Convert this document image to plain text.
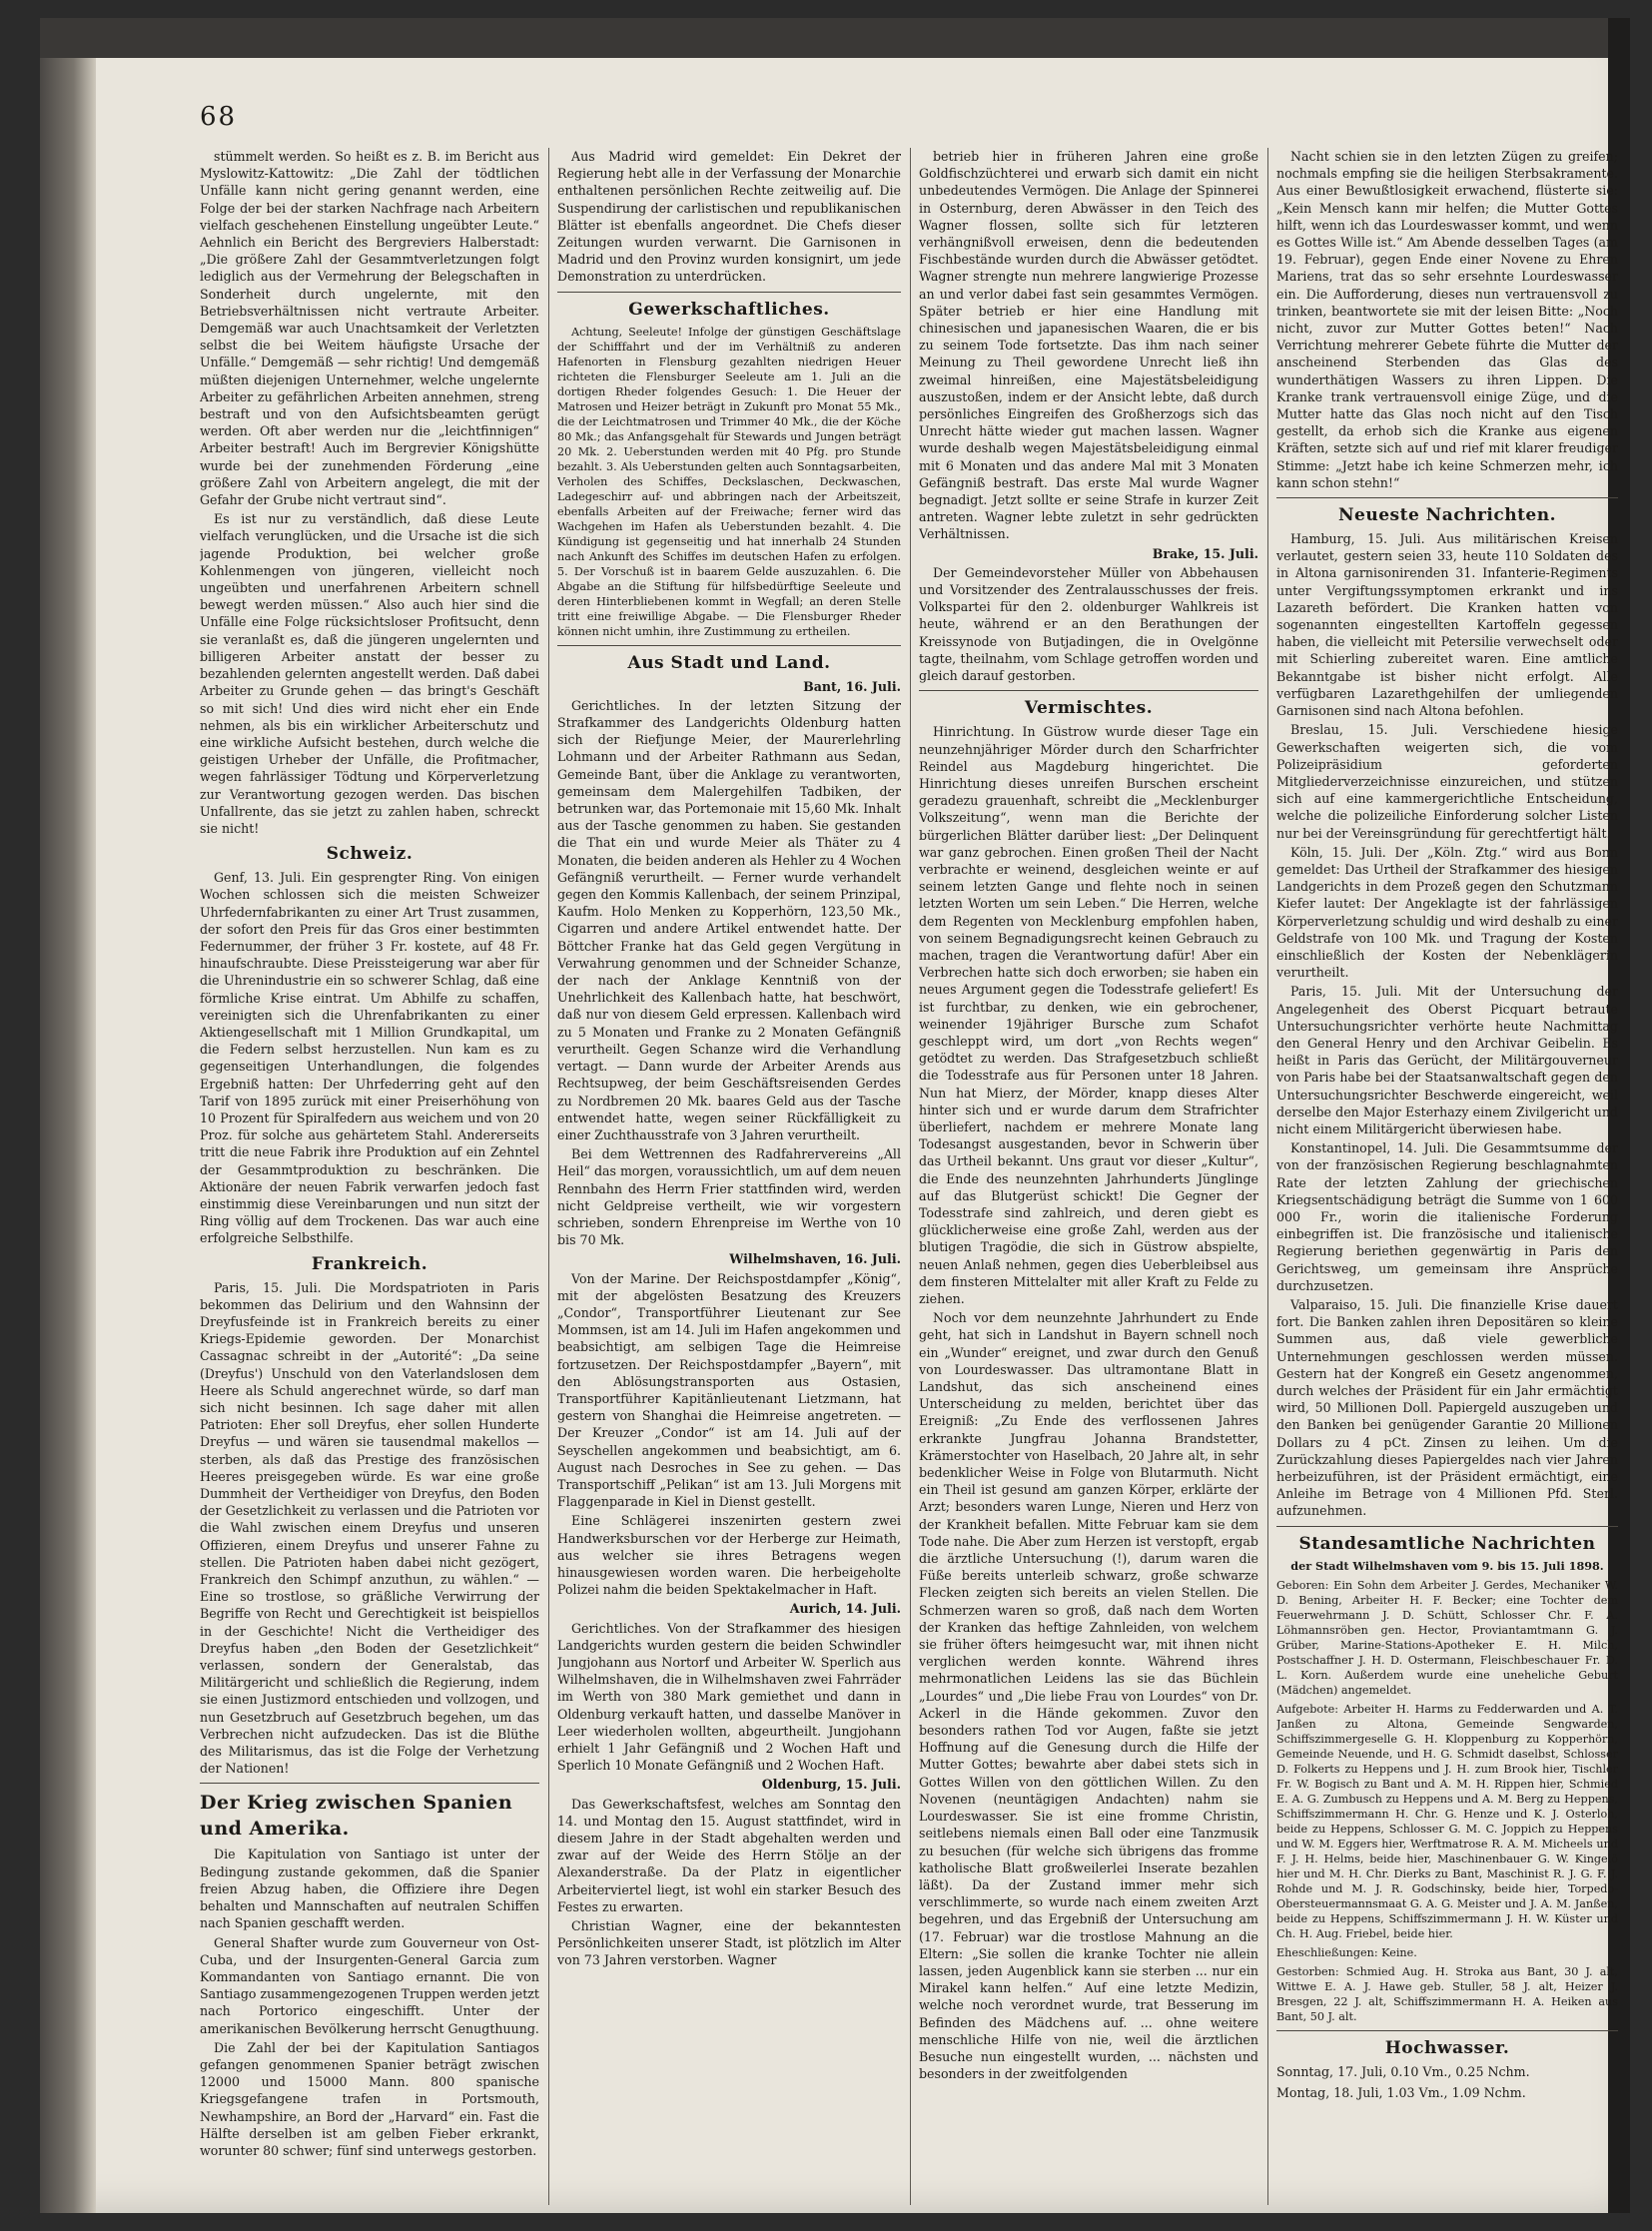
68

stümmelt werden. So heißt es z. B. im Bericht aus Myslowitz-Kattowitz: „Die Zahl der tödtlichen Unfälle kann nicht gering genannt werden, eine Folge der bei der starken Nachfrage nach Arbeitern vielfach geschehenen Einstellung ungeübter Leute.“ Aehnlich ein Bericht des Bergreviers Halberstadt: „Die größere Zahl der Gesammtverletzungen folgt lediglich aus der Vermehrung der Belegschaften in Sonderheit durch ungelernte, mit den Betriebsverhältnissen nicht vertraute Arbeiter. Demgemäß war auch Unachtsamkeit der Verletzten selbst die bei Weitem häufigste Ursache der Unfälle.“ Demgemäß — sehr richtig! Und demgemäß müßten diejenigen Unternehmer, welche ungelernte Arbeiter zu gefährlichen Arbeiten annehmen, streng bestraft und von den Aufsichtsbeamten gerügt werden. Oft aber werden nur die „leichtfinnigen“ Arbeiter bestraft! Auch im Bergrevier Königshütte wurde bei der zunehmenden Förderung „eine größere Zahl von Arbeitern angelegt, die mit der Gefahr der Grube nicht vertraut sind“.

Es ist nur zu verständlich, daß diese Leute vielfach verunglücken, und die Ursache ist die sich jagende Produktion, bei welcher große Kohlenmengen von jüngeren, vielleicht noch ungeübten und unerfahrenen Arbeitern schnell bewegt werden müssen.“ Also auch hier sind die Unfälle eine Folge rücksichtsloser Profitsucht, denn sie veranlaßt es, daß die jüngeren ungelernten und billigeren Arbeiter anstatt der besser zu bezahlenden gelernten angestellt werden. Daß dabei Arbeiter zu Grunde gehen — das bringt's Geschäft so mit sich! Und dies wird nicht eher ein Ende nehmen, als bis ein wirklicher Arbeiterschutz und eine wirkliche Aufsicht bestehen, durch welche die geistigen Urheber der Unfälle, die Profitmacher, wegen fahrlässiger Tödtung und Körperverletzung zur Verantwortung gezogen werden. Das bischen Unfallrente, das sie jetzt zu zahlen haben, schreckt sie nicht!

Schweiz.

Genf, 13. Juli. Ein gesprengter Ring. Von einigen Wochen schlossen sich die meisten Schweizer Uhrfedernfabrikanten zu einer Art Trust zusammen, der sofort den Preis für das Gros einer bestimmten Federnummer, der früher 3 Fr. kostete, auf 48 Fr. hinaufschraubte. Diese Preissteigerung war aber für die Uhrenindustrie ein so schwerer Schlag, daß eine förmliche Krise eintrat. Um Abhilfe zu schaffen, vereinigten sich die Uhrenfabrikanten zu einer Aktiengesellschaft mit 1 Million Grundkapital, um die Federn selbst herzustellen. Nun kam es zu gegenseitigen Unterhandlungen, die folgendes Ergebniß hatten: Der Uhrfederring geht auf den Tarif von 1895 zurück mit einer Preiserhöhung von 10 Prozent für Spiralfedern aus weichem und von 20 Proz. für solche aus gehärtetem Stahl. Andererseits tritt die neue Fabrik ihre Produktion auf ein Zehntel der Gesammtproduktion zu beschränken. Die Aktionäre der neuen Fabrik verwarfen jedoch fast einstimmig diese Vereinbarungen und nun sitzt der Ring völlig auf dem Trockenen. Das war auch eine erfolgreiche Selbsthilfe.

Frankreich.

Paris, 15. Juli. Die Mordspatrioten in Paris bekommen das Delirium und den Wahnsinn der Dreyfusfeinde ist in Frankreich bereits zu einer Kriegs-Epidemie geworden. Der Monarchist Cassagnac schreibt in der „Autorité“: „Da seine (Dreyfus') Unschuld von den Vaterlandslosen dem Heere als Schuld angerechnet würde, so darf man sich nicht besinnen. Ich sage daher mit allen Patrioten: Eher soll Dreyfus, eher sollen Hunderte Dreyfus — und wären sie tausendmal makellos — sterben, als daß das Prestige des französischen Heeres preisgegeben würde. Es war eine große Dummheit der Vertheidiger von Dreyfus, den Boden der Gesetzlichkeit zu verlassen und die Patrioten vor die Wahl zwischen einem Dreyfus und unseren Offizieren, einem Dreyfus und unserer Fahne zu stellen. Die Patrioten haben dabei nicht gezögert, Frankreich den Schimpf anzuthun, zu wählen.“ — Eine so trostlose, so gräßliche Verwirrung der Begriffe von Recht und Gerechtigkeit ist beispiellos in der Geschichte! Nicht die Vertheidiger des Dreyfus haben „den Boden der Gesetzlichkeit“ verlassen, sondern der Generalstab, das Militärgericht und schließlich die Regierung, indem sie einen Justizmord entschieden und vollzogen, und nun Gesetzbruch auf Gesetzbruch begehen, um das Verbrechen nicht aufzudecken. Das ist die Blüthe des Militarismus, das ist die Folge der Verhetzung der Nationen!

Der Krieg zwischen Spanien und Amerika.

Die Kapitulation von Santiago ist unter der Bedingung zustande gekommen, daß die Spanier freien Abzug haben, die Offiziere ihre Degen behalten und Mannschaften auf neutralen Schiffen nach Spanien geschafft werden.

General Shafter wurde zum Gouverneur von Ost-Cuba, und der Insurgenten-General Garcia zum Kommandanten von Santiago ernannt. Die von Santiago zusammengezogenen Truppen werden jetzt nach Portorico eingeschifft. Unter der amerikanischen Bevölkerung herrscht Genugthuung.

Die Zahl der bei der Kapitulation Santiagos gefangen genommenen Spanier beträgt zwischen 12000 und 15000 Mann. 800 spanische Kriegsgefangene trafen in Portsmouth, Newhampshire, an Bord der „Harvard“ ein. Fast die Hälfte derselben ist am gelben Fieber erkrankt, worunter 80 schwer; fünf sind unterwegs gestorben.

Aus Madrid wird gemeldet: Ein Dekret der Regierung hebt alle in der Verfassung der Monarchie enthaltenen persönlichen Rechte zeitweilig auf. Die Suspendirung der carlistischen und republikanischen Blätter ist ebenfalls angeordnet. Die Chefs dieser Zeitungen wurden verwarnt. Die Garnisonen in Madrid und den Provinz wurden konsignirt, um jede Demonstration zu unterdrücken.

Gewerkschaftliches.

Achtung, Seeleute! Infolge der günstigen Geschäftslage der Schifffahrt und der im Verhältniß zu anderen Hafenorten in Flensburg gezahlten niedrigen Heuer richteten die Flensburger Seeleute am 1. Juli an die dortigen Rheder folgendes Gesuch: 1. Die Heuer der Matrosen und Heizer beträgt in Zukunft pro Monat 55 Mk., die der Leichtmatrosen und Trimmer 40 Mk., die der Köche 80 Mk.; das Anfangsgehalt für Stewards und Jungen beträgt 20 Mk. 2. Ueberstunden werden mit 40 Pfg. pro Stunde bezahlt. 3. Als Ueberstunden gelten auch Sonntagsarbeiten, Verholen des Schiffes, Deckslaschen, Deckwaschen, Ladegeschirr auf- und abbringen nach der Arbeitszeit, ebenfalls Arbeiten auf der Freiwache; ferner wird das Wachgehen im Hafen als Ueberstunden bezahlt. 4. Die Kündigung ist gegenseitig und hat innerhalb 24 Stunden nach Ankunft des Schiffes im deutschen Hafen zu erfolgen. 5. Der Vorschuß ist in baarem Gelde auszuzahlen. 6. Die Abgabe an die Stiftung für hilfsbedürftige Seeleute und deren Hinterbliebenen kommt in Wegfall; an deren Stelle tritt eine freiwillige Abgabe. — Die Flensburger Rheder können nicht umhin, ihre Zustimmung zu ertheilen.

Aus Stadt und Land.
Bant, 16. Juli.

Gerichtliches. In der letzten Sitzung der Strafkammer des Landgerichts Oldenburg hatten sich der Riefjunge Meier, der Maurerlehrling Lohmann und der Arbeiter Rathmann aus Sedan, Gemeinde Bant, über die Anklage zu verantworten, gemeinsam dem Malergehilfen Tadbiken, der betrunken war, das Portemonaie mit 15,60 Mk. Inhalt aus der Tasche genommen zu haben. Sie gestanden die That ein und wurde Meier als Thäter zu 4 Monaten, die beiden anderen als Hehler zu 4 Wochen Gefängniß verurtheilt. — Ferner wurde verhandelt gegen den Kommis Kallenbach, der seinem Prinzipal, Kaufm. Holo Menken zu Kopperhörn, 123,50 Mk., Cigarren und andere Artikel entwendet hatte. Der Böttcher Franke hat das Geld gegen Vergütung in Verwahrung genommen und der Schneider Schanze, der nach der Anklage Kenntniß von der Unehrlichkeit des Kallenbach hatte, hat beschwört, daß nur von diesem Geld erpressen. Kallenbach wird zu 5 Monaten und Franke zu 2 Monaten Gefängniß verurtheilt. Gegen Schanze wird die Verhandlung vertagt. — Dann wurde der Arbeiter Arends aus Rechtsupweg, der beim Geschäftsreisenden Gerdes zu Nordbremen 20 Mk. baares Geld aus der Tasche entwendet hatte, wegen seiner Rückfälligkeit zu einer Zuchthausstrafe von 3 Jahren verurtheilt.

Bei dem Wettrennen des Radfahrervereins „All Heil“ das morgen, voraussichtlich, um auf dem neuen Rennbahn des Herrn Frier stattfinden wird, werden nicht Geldpreise vertheilt, wie wir vorgestern schrieben, sondern Ehrenpreise im Werthe von 10 bis 70 Mk.

Wilhelmshaven, 16. Juli.

Von der Marine. Der Reichspostdampfer „König“, mit der abgelösten Besatzung des Kreuzers „Condor“, Transportführer Lieutenant zur See Mommsen, ist am 14. Juli im Hafen angekommen und beabsichtigt, am selbigen Tage die Heimreise fortzusetzen. Der Reichspostdampfer „Bayern“, mit den Ablösungstransporten aus Ostasien, Transportführer Kapitänlieutenant Lietzmann, hat gestern von Shanghai die Heimreise angetreten. — Der Kreuzer „Condor“ ist am 14. Juli auf der Seyschellen angekommen und beabsichtigt, am 6. August nach Desroches in See zu gehen. — Das Transportschiff „Pelikan“ ist am 13. Juli Morgens mit Flaggenparade in Kiel in Dienst gestellt.

Eine Schlägerei inszenirten gestern zwei Handwerksburschen vor der Herberge zur Heimath, aus welcher sie ihres Betragens wegen hinausgewiesen worden waren. Die herbeigeholte Polizei nahm die beiden Spektakelmacher in Haft.

Aurich, 14. Juli.

Gerichtliches. Von der Strafkammer des hiesigen Landgerichts wurden gestern die beiden Schwindler Jungjohann aus Nortorf und Arbeiter W. Sperlich aus Wilhelmshaven, die in Wilhelmshaven zwei Fahrräder im Werth von 380 Mark gemiethet und dann in Oldenburg verkauft hatten, und dasselbe Manöver in Leer wiederholen wollten, abgeurtheilt. Jungjohann erhielt 1 Jahr Gefängniß und 2 Wochen Haft und Sperlich 10 Monate Gefängniß und 2 Wochen Haft.

Oldenburg, 15. Juli.

Das Gewerkschaftsfest, welches am Sonntag den 14. und Montag den 15. August stattfindet, wird in diesem Jahre in der Stadt abgehalten werden und zwar auf der Weide des Herrn Stölje an der Alexanderstraße. Da der Platz in eigentlicher Arbeiterviertel liegt, ist wohl ein starker Besuch des Festes zu erwarten.

Christian Wagner, eine der bekanntesten Persönlichkeiten unserer Stadt, ist plötzlich im Alter von 73 Jahren verstorben. Wagner

betrieb hier in früheren Jahren eine große Goldfischzüchterei und erwarb sich damit ein nicht unbedeutendes Vermögen. Die Anlage der Spinnerei in Osternburg, deren Abwässer in den Teich des Wagner flossen, sollte sich für letzteren verhängnißvoll erweisen, denn die bedeutenden Fischbestände wurden durch die Abwässer getödtet. Wagner strengte nun mehrere langwierige Prozesse an und verlor dabei fast sein gesammtes Vermögen. Später betrieb er hier eine Handlung mit chinesischen und japanesischen Waaren, die er bis zu seinem Tode fortsetzte. Das ihm nach seiner Meinung zu Theil gewordene Unrecht ließ ihn zweimal hinreißen, eine Majestätsbeleidigung auszustoßen, indem er der Ansicht lebte, daß durch persönliches Eingreifen des Großherzogs sich das Unrecht hätte wieder gut machen lassen. Wagner wurde deshalb wegen Majestätsbeleidigung einmal mit 6 Monaten und das andere Mal mit 3 Monaten Gefängniß bestraft. Das erste Mal wurde Wagner begnadigt. Jetzt sollte er seine Strafe in kurzer Zeit antreten. Wagner lebte zuletzt in sehr gedrückten Verhältnissen.

Brake, 15. Juli.

Der Gemeindevorsteher Müller von Abbehausen und Vorsitzender des Zentralausschusses der freis. Volkspartei für den 2. oldenburger Wahlkreis ist heute, während er an den Berathungen der Kreissynode von Butjadingen, die in Ovelgönne tagte, theilnahm, vom Schlage getroffen worden und gleich darauf gestorben.

Vermischtes.

Hinrichtung. In Güstrow wurde dieser Tage ein neunzehnjähriger Mörder durch den Scharfrichter Reindel aus Magdeburg hingerichtet. Die Hinrichtung dieses unreifen Burschen erscheint geradezu grauenhaft, schreibt die „Mecklenburger Volkszeitung“, wenn man die Berichte der bürgerlichen Blätter darüber liest: „Der Delinquent war ganz gebrochen. Einen großen Theil der Nacht verbrachte er weinend, desgleichen weinte er auf seinem letzten Gange und flehte noch in seinen letzten Worten um sein Leben.“ Die Herren, welche dem Regenten von Mecklenburg empfohlen haben, von seinem Begnadigungsrecht keinen Gebrauch zu machen, tragen die Verantwortung dafür! Aber ein Verbrechen hatte sich doch erworben; sie haben ein neues Argument gegen die Todesstrafe geliefert! Es ist furchtbar, zu denken, wie ein gebrochener, weinender 19jähriger Bursche zum Schafot geschleppt wird, um dort „von Rechts wegen“ getödtet zu werden. Das Strafgesetzbuch schließt die Todesstrafe aus für Personen unter 18 Jahren. Nun hat Mierz, der Mörder, knapp dieses Alter hinter sich und er wurde darum dem Strafrichter überliefert, nachdem er mehrere Monate lang Todesangst ausgestanden, bevor in Schwerin über das Urtheil bekannt. Uns graut vor dieser „Kultur“, die Ende des neunzehnten Jahrhunderts Jünglinge auf das Blutgerüst schickt! Die Gegner der Todesstrafe sind zahlreich, und deren giebt es glücklicherweise eine große Zahl, werden aus der blutigen Tragödie, die sich in Güstrow abspielte, neuen Anlaß nehmen, gegen dies Ueberbleibsel aus dem finsteren Mittelalter mit aller Kraft zu Felde zu ziehen.

Noch vor dem neunzehnte Jahrhundert zu Ende geht, hat sich in Landshut in Bayern schnell noch ein „Wunder“ ereignet, und zwar durch den Genuß von Lourdeswasser. Das ultramontane Blatt in Landshut, das sich anscheinend eines Unterscheidung zu melden, berichtet über das Ereigniß: „Zu Ende des verflossenen Jahres erkrankte Jungfrau Johanna Brandstetter, Krämerstochter von Haselbach, 20 Jahre alt, in sehr bedenklicher Weise in Folge von Blutarmuth. Nicht ein Theil ist gesund am ganzen Körper, erklärte der Arzt; besonders waren Lunge, Nieren und Herz von der Krankheit befallen. Mitte Februar kam sie dem Tode nahe. Die Aber zum Herzen ist verstopft, ergab die ärztliche Untersuchung (!), darum waren die Füße bereits unterleib schwarz, große schwarze Flecken zeigten sich bereits an vielen Stellen. Die Schmerzen waren so groß, daß nach dem Worten der Kranken das heftige Zahnleiden, von welchem sie früher öfters heimgesucht war, mit ihnen nicht verglichen werden konnte. Während ihres mehrmonatlichen Leidens las sie das Büchlein „Lourdes“ und „Die liebe Frau von Lourdes“ von Dr. Ackerl in die Hände gekommen. Zuvor den besonders rathen Tod vor Augen, faßte sie jetzt Hoffnung auf die Genesung durch die Hilfe der Mutter Gottes; bewahrte aber dabei stets sich in Gottes Willen von den göttlichen Willen. Zu den Novenen (neuntägigen Andachten) nahm sie Lourdeswasser. Sie ist eine fromme Christin, seitlebens niemals einen Ball oder eine Tanzmusik zu besuchen (für welche sich übrigens das fromme katholische Blatt großweilerlei Inserate bezahlen läßt). Da der Zustand immer mehr sich verschlimmerte, so wurde nach einem zweiten Arzt begehren, und das Ergebniß der Untersuchung am (17. Februar) war die trostlose Mahnung an die Eltern: „Sie sollen die kranke Tochter nie allein lassen, jeden Augenblick kann sie sterben ... nur ein Mirakel kann helfen.“ Auf eine letzte Medizin, welche noch verordnet wurde, trat Besserung im Befinden des Mädchens auf. ... ohne weitere menschliche Hilfe von nie, weil die ärztlichen Besuche nun eingestellt wurden, ... nächsten und besonders in der zweitfolgenden

Nacht schien sie in den letzten Zügen zu greifen; nochmals empfing sie die heiligen Sterbsakramente. Aus einer Bewußtlosigkeit erwachend, flüsterte sie: „Kein Mensch kann mir helfen; die Mutter Gottes hilft, wenn ich das Lourdeswasser kommt, und wenn es Gottes Wille ist.“ Am Abende desselben Tages (am 19. Februar), gegen Ende einer Novene zu Ehren Mariens, trat das so sehr ersehnte Lourdeswasser ein. Die Aufforderung, dieses nun vertrauensvoll zu trinken, beantwortete sie mit der leisen Bitte: „Noch nicht, zuvor zur Mutter Gottes beten!“ Nach Verrichtung mehrerer Gebete führte die Mutter der anscheinend Sterbenden das Glas des wunderthätigen Wassers zu ihren Lippen. Die Kranke trank vertrauensvoll einige Züge, und die Mutter hatte das Glas noch nicht auf den Tisch gestellt, da erhob sich die Kranke aus eigenen Kräften, setzte sich auf und rief mit klarer freudiger Stimme: „Jetzt habe ich keine Schmerzen mehr, ich kann schon stehn!“

Neueste Nachrichten.

Hamburg, 15. Juli. Aus militärischen Kreisen verlautet, gestern seien 33, heute 110 Soldaten des in Altona garnisonirenden 31. Infanterie-Regiments unter Vergiftungssymptomen erkrankt und ins Lazareth befördert. Die Kranken hatten von sogenannten eingestellten Kartoffeln gegessen haben, die vielleicht mit Petersilie verwechselt oder mit Schierling zubereitet waren. Eine amtliche Bekanntgabe ist bisher nicht erfolgt. Alle verfügbaren Lazarethgehilfen der umliegenden Garnisonen sind nach Altona befohlen.

Breslau, 15. Juli. Verschiedene hiesige Gewerkschaften weigerten sich, die vom Polizeipräsidium geforderten Mitgliederverzeichnisse einzureichen, und stützen sich auf eine kammergerichtliche Entscheidung, welche die polizeiliche Einforderung solcher Listen nur bei der Vereinsgründung für gerechtfertigt hält.

Köln, 15. Juli. Der „Köln. Ztg.“ wird aus Bonn gemeldet: Das Urtheil der Strafkammer des hiesigen Landgerichts in dem Prozeß gegen den Schutzmann Kiefer lautet: Der Angeklagte ist der fahrlässigen Körperverletzung schuldig und wird deshalb zu einer Geldstrafe von 100 Mk. und Tragung der Kosten einschließlich der Kosten der Nebenklägerin verurtheilt.

Paris, 15. Juli. Mit der Untersuchung der Angelegenheit des Oberst Picquart betraute Untersuchungsrichter verhörte heute Nachmittag den General Henry und den Archivar Geibelin. Es heißt in Paris das Gerücht, der Militärgouverneur von Paris habe bei der Staatsanwaltschaft gegen den Untersuchungsrichter Beschwerde eingereicht, weil derselbe den Major Esterhazy einem Zivilgericht und nicht einem Militärgericht überwiesen habe.

Konstantinopel, 14. Juli. Die Gesammtsumme der von der französischen Regierung beschlagnahmten Rate der letzten Zahlung der griechischen Kriegsentschädigung beträgt die Summe von 1 600 000 Fr., worin die italienische Forderung einbegriffen ist. Die französische und italienische Regierung beriethen gegenwärtig in Paris den Gerichtsweg, um gemeinsam ihre Ansprüche durchzusetzen.

Valparaiso, 15. Juli. Die finanzielle Krise dauert fort. Die Banken zahlen ihren Depositären so kleine Summen aus, daß viele gewerbliche Unternehmungen geschlossen werden müssen. Gestern hat der Kongreß ein Gesetz angenommen, durch welches der Präsident für ein Jahr ermächtigt wird, 50 Millionen Doll. Papiergeld auszugeben und den Banken bei genügender Garantie 20 Millionen Dollars zu 4 pCt. Zinsen zu leihen. Um die Zurückzahlung dieses Papiergeldes nach vier Jahren herbeizuführen, ist der Präsident ermächtigt, eine Anleihe im Betrage von 4 Millionen Pfd. Sterl. aufzunehmen.

Standesamtliche Nachrichten
der Stadt Wilhelmshaven vom 9. bis 15. Juli 1898.

Geboren: Ein Sohn dem Arbeiter J. Gerdes, Mechaniker W. D. Bening, Arbeiter H. F. Becker; eine Tochter dem Feuerwehrmann J. D. Schütt, Schlosser Chr. F. A. Löhmannsröben gen. Hector, Proviantamtmann G. J. Grüber, Marine-Stations-Apotheker E. H. Milch, Postschaffner J. H. D. Ostermann, Fleischbeschauer Fr. D. L. Korn. Außerdem wurde eine uneheliche Geburt (Mädchen) angemeldet.

Aufgebote: Arbeiter H. Harms zu Fedderwarden und A. T. Janßen zu Altona, Gemeinde Sengwarden, Schiffszimmergeselle G. H. Kloppenburg zu Kopperhörn, Gemeinde Neuende, und H. G. Schmidt daselbst, Schlosser D. Folkerts zu Heppens und J. H. zum Brook hier, Tischler Fr. W. Bogisch zu Bant und A. M. H. Rippen hier, Schmied E. A. G. Zumbusch zu Heppens und A. M. Berg zu Heppens, Schiffszimmermann H. Chr. G. Henze und K. J. Osterloh, beide zu Heppens, Schlosser G. M. C. Joppich zu Heppens und W. M. Eggers hier, Werftmatrose R. A. M. Micheels und F. J. H. Helms, beide hier, Maschinenbauer G. W. Kingelö hier und M. H. Chr. Dierks zu Bant, Maschinist R. J. G. F. J. Rohde und M. J. R. Godschinsky, beide hier, Torpedo-Obersteuermannsmaat G. A. G. Meister und J. A. M. Janßen, beide zu Heppens, Schiffszimmermann J. H. W. Küster und Ch. H. Aug. Friebel, beide hier.

Eheschließungen: Keine.

Gestorben: Schmied Aug. H. Stroka aus Bant, 30 J. alt, Wittwe E. A. J. Hawe geb. Stuller, 58 J. alt, Heizer J. Bresgen, 22 J. alt, Schiffszimmermann H. A. Heiken aus Bant, 50 J. alt.

Hochwasser.

Sonntag, 17. Juli, 0.10 Vm., 0.25 Nchm.

Montag, 18. Juli, 1.03 Vm., 1.09 Nchm.
